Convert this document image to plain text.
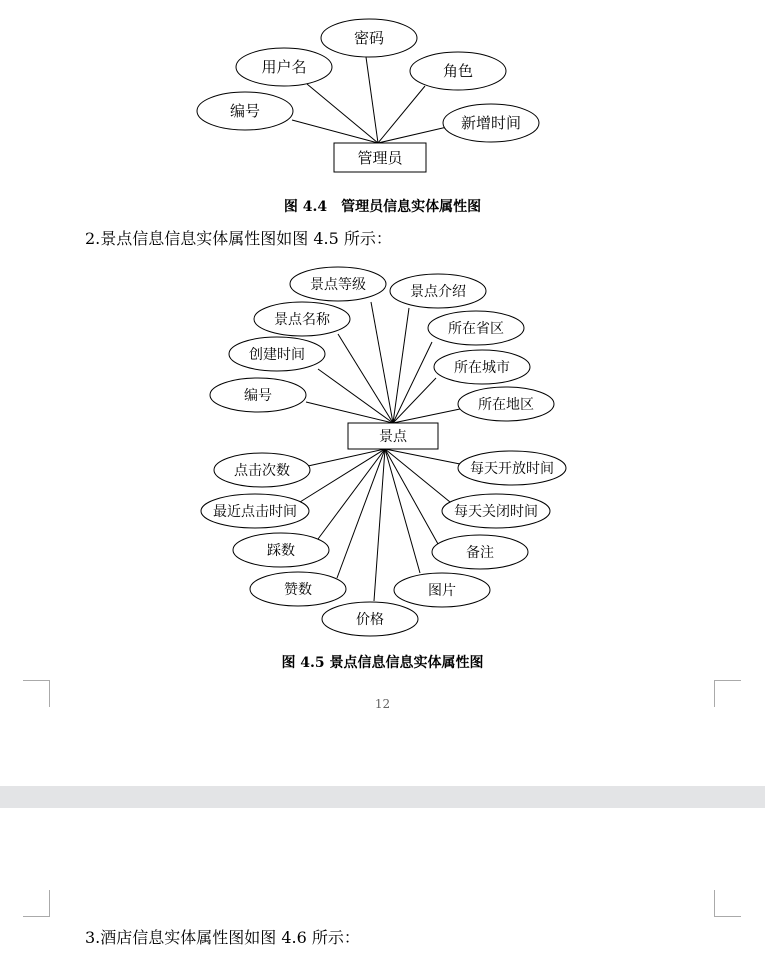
密码
用户名	角色
编号
新增时间
管理员
景点等级	景点介绍
景点名称
所在省区
创建时间
所在城市
编号
所在地区
景点
点击次数	每天开放时间
最近点击时间	每天关闭时间
踩数	备注
赞数	图片
价格
图 4.4　管理员信息实体属性图
2.景点信息信息实体属性图如图 4.5 所示：
图 4.5 景点信息信息实体属性图
12
3.酒店信息实体属性图如图 4.6 所示：
